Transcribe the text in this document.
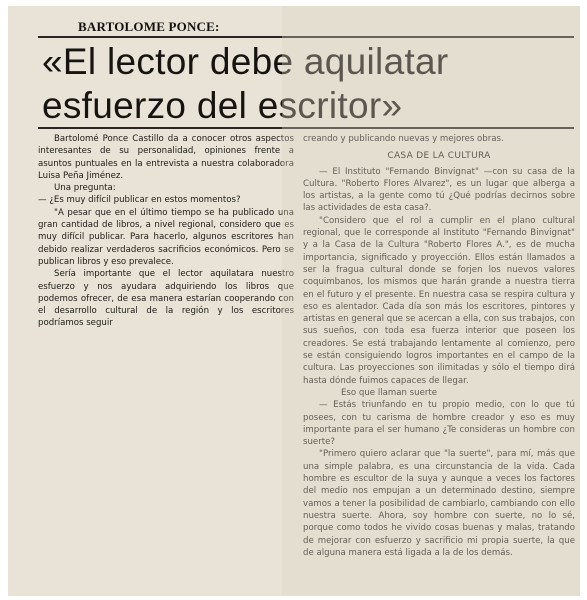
BARTOLOME PONCE:

«El lector debe aquilatar
esfuerzo del escritor»

Bartolomé Ponce Castillo da a conocer otros aspectos interesantes de su personalidad, opiniones frente a asuntos puntuales en la entrevista a nuestra colaboradora Luisa Peña Jiménez.

Una pregunta:

— ¿Es muy difícil publicar en estos momentos?

"A pesar que en el último tiempo se ha publicado una gran cantidad de libros, a nivel regional, considero que es muy difícil publicar. Para hacerlo, algunos escritores han debido realizar verdaderos sacrificios económicos. Pero se publican libros y eso prevalece.

Sería importante que el lector aquilatara nuestro esfuerzo y nos ayudara adquiriendo los libros que podemos ofrecer, de esa manera estarían cooperando con el desarrollo cultural de la región y los escritores podríamos seguir

creando y publicando nuevas y mejores obras.

CASA DE LA CULTURA

— El Instituto "Fernando Binvignat" —con su casa de la Cultura. "Roberto Flores Alvarez", es un lugar que alberga a los artistas, a la gente como tú ¿Qué podrías decirnos sobre las actividades de esta casa?.

"Considero que el rol a cumplir en el plano cultural regional, que le corresponde al Instituto "Fernando Binvignat" y a la Casa de la Cultura "Roberto Flores A.", es de mucha importancia, significado y proyección. Ellos están llamados a ser la fragua cultural donde se forjen los nuevos valores coquimbanos, los mismos que harán grande a nuestra tierra en el futuro y el presente. En nuestra casa se respira cultura y eso es alentador. Cada día son más los escritores, pintores y artistas en general que se acercan a ella, con sus trabajos, con sus sueños, con toda esa fuerza interior que poseen los creadores. Se está trabajando lentamente al comienzo, pero se están consiguiendo logros importantes en el campo de la cultura. Las proyecciones son ilimitadas y sólo el tiempo dirá hasta dónde fuimos capaces de llegar.

Eso que llaman suerte

— Estás triunfando en tu propio medio, con lo que tú posees, con tu carisma de hombre creador y eso es muy importante para el ser humano ¿Te consideras un hombre con suerte?

"Primero quiero aclarar que "la suerte", para mí, más que una simple palabra, es una circunstancia de la vida. Cada hombre es escultor de la suya y aunque a veces los factores del medio nos empujan a un determinado destino, siempre vamos a tener la posibilidad de cambiarlo, cambiando con ello nuestra suerte. Ahora, soy hombre con suerte, no lo sé, porque como todos he vivido cosas buenas y malas, tratando de mejorar con esfuerzo y sacrificio mi propia suerte, la que de alguna manera está ligada a la de los demás.
